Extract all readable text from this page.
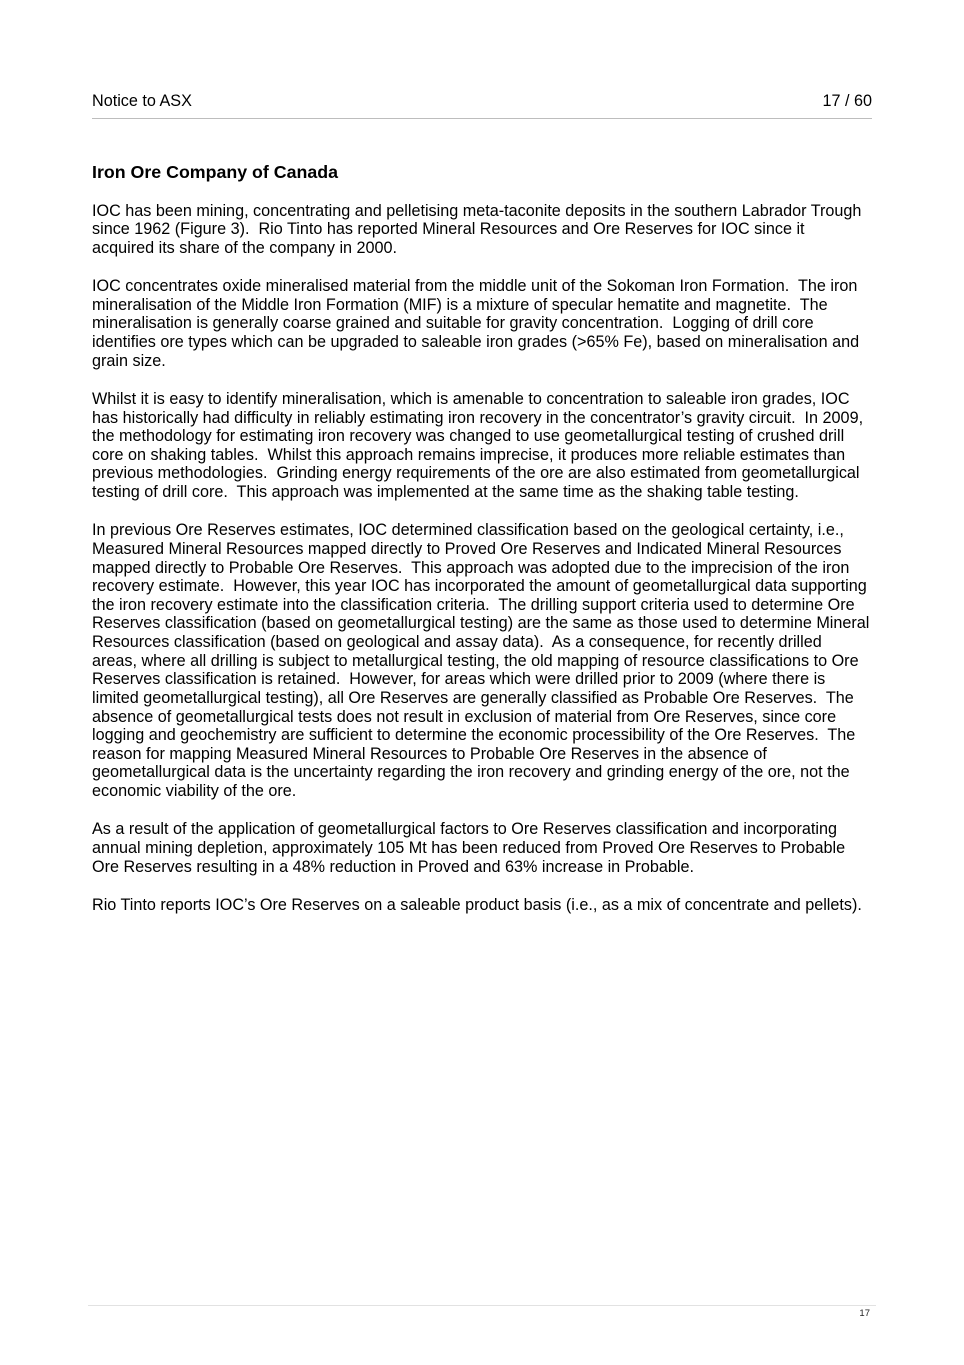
Notice to ASX	17 / 60
Iron Ore Company of Canada

IOC has been mining, concentrating and pelletising meta-taconite deposits in the southern Labrador Trough
since 1962 (Figure 3).  Rio Tinto has reported Mineral Resources and Ore Reserves for IOC since it
acquired its share of the company in 2000.

IOC concentrates oxide mineralised material from the middle unit of the Sokoman Iron Formation.  The iron
mineralisation of the Middle Iron Formation (MIF) is a mixture of specular hematite and magnetite.  The
mineralisation is generally coarse grained and suitable for gravity concentration.  Logging of drill core
identifies ore types which can be upgraded to saleable iron grades (>65% Fe), based on mineralisation and
grain size.

Whilst it is easy to identify mineralisation, which is amenable to concentration to saleable iron grades, IOC
has historically had difficulty in reliably estimating iron recovery in the concentrator’s gravity circuit.  In 2009,
the methodology for estimating iron recovery was changed to use geometallurgical testing of crushed drill
core on shaking tables.  Whilst this approach remains imprecise, it produces more reliable estimates than
previous methodologies.  Grinding energy requirements of the ore are also estimated from geometallurgical
testing of drill core.  This approach was implemented at the same time as the shaking table testing.

In previous Ore Reserves estimates, IOC determined classification based on the geological certainty, i.e.,
Measured Mineral Resources mapped directly to Proved Ore Reserves and Indicated Mineral Resources
mapped directly to Probable Ore Reserves.  This approach was adopted due to the imprecision of the iron
recovery estimate.  However, this year IOC has incorporated the amount of geometallurgical data supporting
the iron recovery estimate into the classification criteria.  The drilling support criteria used to determine Ore
Reserves classification (based on geometallurgical testing) are the same as those used to determine Mineral
Resources classification (based on geological and assay data).  As a consequence, for recently drilled
areas, where all drilling is subject to metallurgical testing, the old mapping of resource classifications to Ore
Reserves classification is retained.  However, for areas which were drilled prior to 2009 (where there is
limited geometallurgical testing), all Ore Reserves are generally classified as Probable Ore Reserves.  The
absence of geometallurgical tests does not result in exclusion of material from Ore Reserves, since core
logging and geochemistry are sufficient to determine the economic processibility of the Ore Reserves.  The
reason for mapping Measured Mineral Resources to Probable Ore Reserves in the absence of
geometallurgical data is the uncertainty regarding the iron recovery and grinding energy of the ore, not the
economic viability of the ore.

As a result of the application of geometallurgical factors to Ore Reserves classification and incorporating
annual mining depletion, approximately 105 Mt has been reduced from Proved Ore Reserves to Probable
Ore Reserves resulting in a 48% reduction in Proved and 63% increase in Probable.

Rio Tinto reports IOC’s Ore Reserves on a saleable product basis (i.e., as a mix of concentrate and pellets).

17
